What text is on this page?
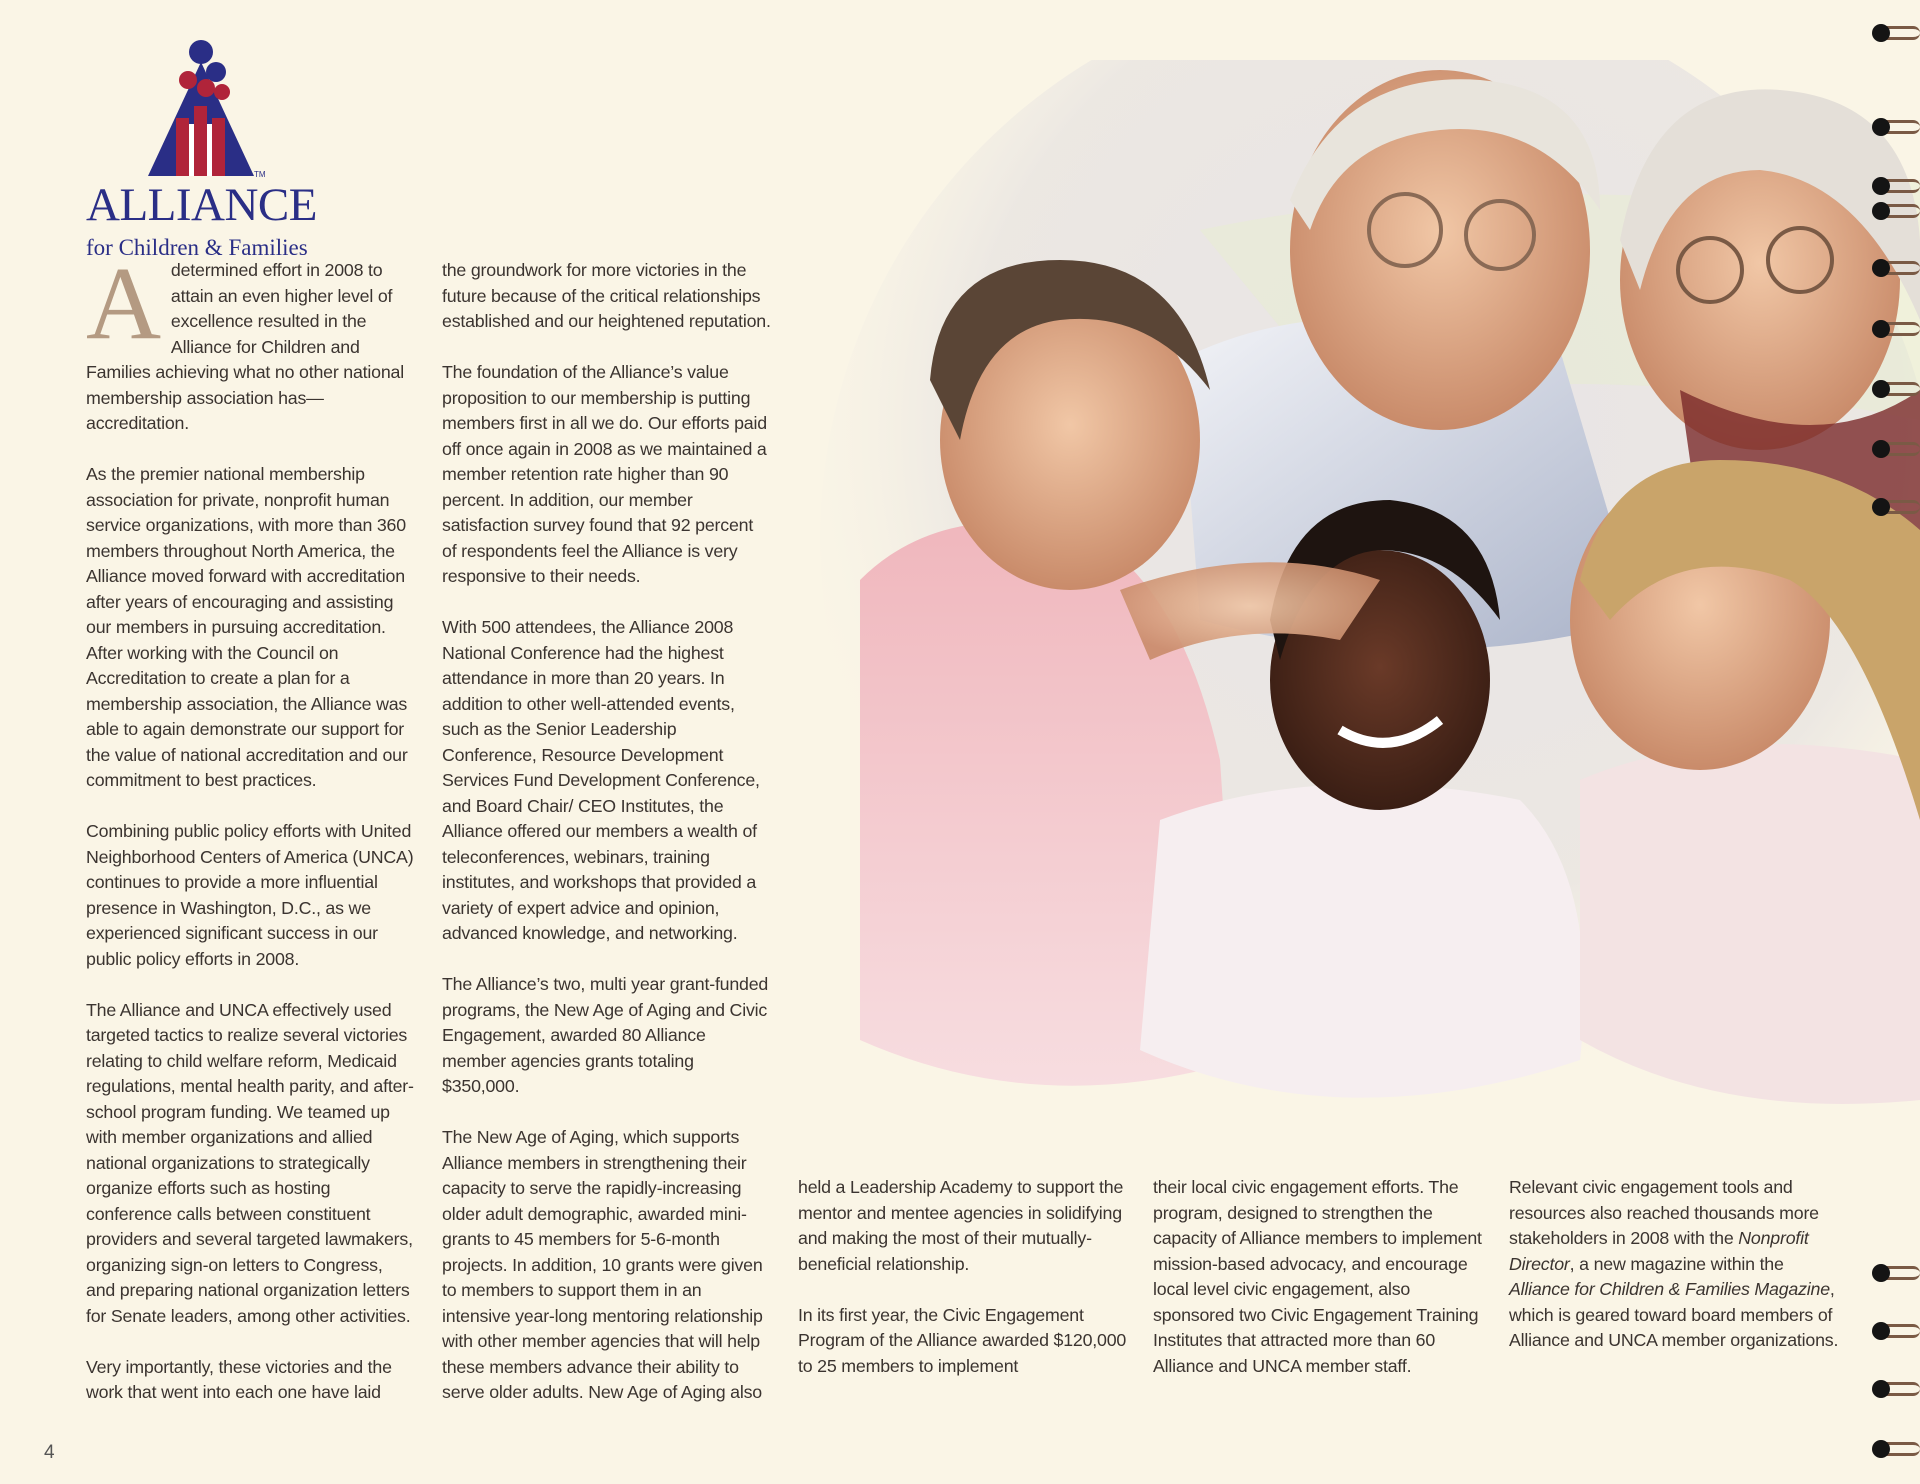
TM
ALLIANCE
for Children & Families

A determined effort in 2008 to attain an even higher level of excellence resulted in the Alliance for Children and Families achieving what no other national membership association has—accreditation.

As the premier national membership association for private, nonprofit human service organizations, with more than 360 members throughout North America, the Alliance moved forward with accreditation after years of encouraging and assisting our members in pursuing accreditation. After working with the Council on Accreditation to create a plan for a membership association, the Alliance was able to again demonstrate our support for the value of national accreditation and our commitment to best practices.

Combining public policy efforts with United Neighborhood Centers of America (UNCA) continues to provide a more influential presence in Washington, D.C., as we experienced significant success in our public policy efforts in 2008.

The Alliance and UNCA effectively used targeted tactics to realize several victories relating to child welfare reform, Medicaid regulations, mental health parity, and after-school program funding. We teamed up with member organizations and allied national organizations to strategically organize efforts such as hosting conference calls between constituent providers and several targeted lawmakers, organizing sign-on letters to Congress, and preparing national organization letters for Senate leaders, among other activities.

Very importantly, these victories and the work that went into each one have laid

the groundwork for more victories in the future because of the critical relationships established and our heightened reputation.

The foundation of the Alliance’s value proposition to our membership is putting members first in all we do. Our efforts paid off once again in 2008 as we maintained a member retention rate higher than 90 percent. In addition, our member satisfaction survey found that 92 percent of respondents feel the Alliance is very responsive to their needs.

With 500 attendees, the Alliance 2008 National Conference had the highest attendance in more than 20 years. In addition to other well-attended events, such as the Senior Leadership Conference, Resource Development Services Fund Development Conference, and Board Chair/ CEO Institutes, the Alliance offered our members a wealth of teleconferences, webinars, training institutes, and workshops that provided a variety of expert advice and opinion, advanced knowledge, and networking.

The Alliance’s two, multi year grant-funded programs, the New Age of Aging and Civic Engagement, awarded 80 Alliance member agencies grants totaling $350,000.

The New Age of Aging, which supports Alliance members in strengthening their capacity to serve the rapidly-increasing older adult demographic, awarded mini-grants to 45 members for 5-6-month projects. In addition, 10 grants were given to members to support them in an intensive year-long mentoring relationship with other member agencies that will help these members advance their ability to serve older adults. New Age of Aging also

held a Leadership Academy to support the mentor and mentee agencies in solidifying and making the most of their mutually-beneficial relationship.

In its first year, the Civic Engagement Program of the Alliance awarded $120,000 to 25 members to implement

their local civic engagement efforts. The program, designed to strengthen the capacity of Alliance members to implement mission-based advocacy, and encourage local level civic engagement, also sponsored two Civic Engagement Training Institutes that attracted more than 60 Alliance and UNCA member staff.

Relevant civic engagement tools and resources also reached thousands more stakeholders in 2008 with the Nonprofit Director, a new magazine within the Alliance for Children & Families Magazine, which is geared toward board members of Alliance and UNCA member organizations.

4
